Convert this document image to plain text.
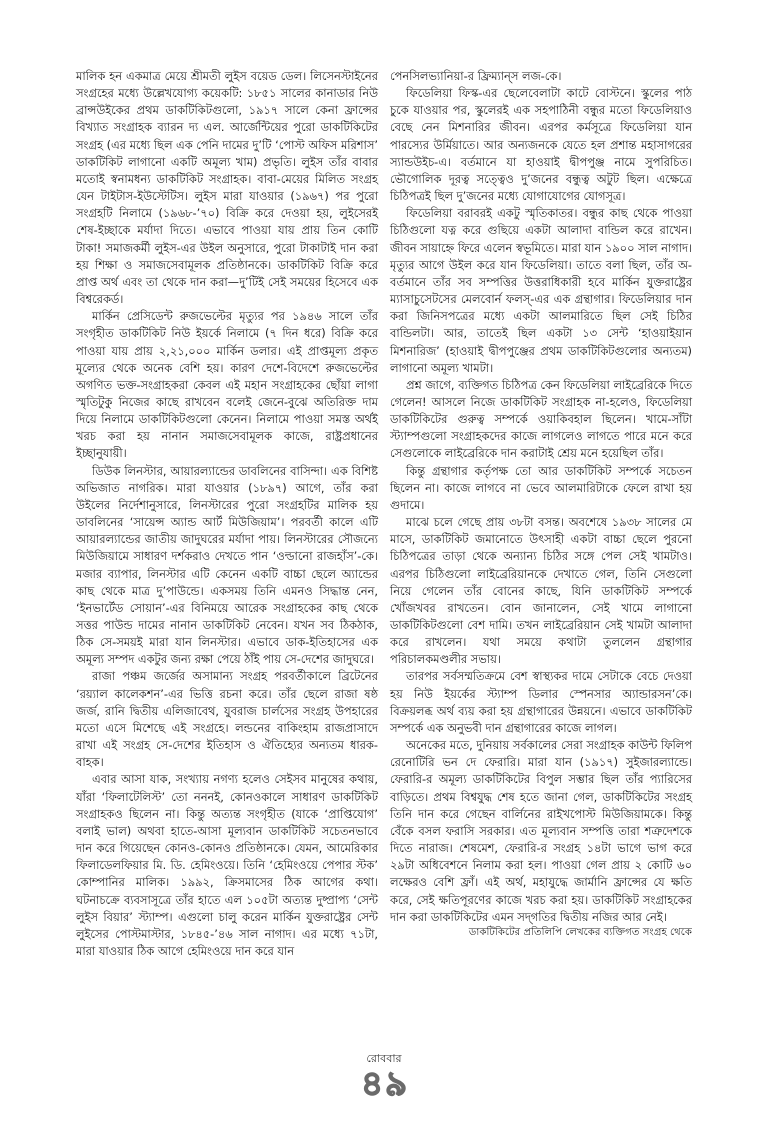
মালিক হন একমাত্র মেয়ে শ্রীমতী লুইস বয়েড ডেল। লিসেনস্টাইনের সংগ্রহের মধ্যে উল্লেখযোগ্য কয়েকটি: ১৮৫১ সালের কানাডার নিউ ব্রান্সউইকের প্রথম ডাকটিকিটগুলো, ১৯১৭ সালে কেনা ফ্রান্সের বিখ্যাত সংগ্রাহক ব্যারন দ্য এল. আর্জেন্টিয়ের পুরো ডাকটিকিটের সংগ্রহ (এর মধ্যে ছিল এক পেনি দামের দু’টি ‘পোস্ট অফিস মরিশাস’ ডাকটিকিট লাগানো একটি অমূল্য খাম) প্রভৃতি। লুইস তাঁর বাবার মতোই স্বনামধন্য ডাকটিকিট সংগ্রাহক। বাবা-মেয়ের মিলিত সংগ্রহ যেন টাইটাস-ইউস্টেটিস। লুইস মারা যাওয়ার (১৯৬৭) পর পুরো সংগ্রহটি নিলামে (১৯৬৮-’৭০) বিক্রি করে দেওয়া হয়, লুইসেরই শেষ-ইচ্ছাকে মর্যাদা দিতে। এভাবে পাওয়া যায় প্রায় তিন কোটি টাকা! সমাজকর্মী লুইস-এর উইল অনুসারে, পুরো টাকাটাই দান করা হয় শিক্ষা ও সমাজসেবামূলক প্রতিষ্ঠানকে। ডাকটিকিট বিক্রি করে প্রাপ্ত অর্থ এবং তা থেকে দান করা—দু’টিই সেই সময়ের হিসেবে এক বিশ্বরেকর্ড।

মার্কিন প্রেসিডেন্ট রুজভেল্টের মৃত্যুর পর ১৯৪৬ সালে তাঁর সংগৃহীত ডাকটিকিট নিউ ইয়র্কে নিলামে (৭ দিন ধরে) বিক্রি করে পাওয়া যায় প্রায় ২,২১,০০০ মার্কিন ডলার। এই প্রাপ্তমূল্য প্রকৃত মূল্যের থেকে অনেক বেশি হয়। কারণ দেশে-বিদেশে রুজভেল্টের অগণিত ভক্ত-সংগ্রাহকরা কেবল এই মহান সংগ্রাহকের ছোঁয়া লাগা স্মৃতিটুকু নিজের কাছে রাখবেন বলেই জেনে-বুঝে অতিরিক্ত দাম দিয়ে নিলামে ডাকটিকিটগুলো কেনেন। নিলামে পাওয়া সমস্ত অর্থই খরচ করা হয় নানান সমাজসেবামূলক কাজে, রাষ্ট্রপ্রধানের ইচ্ছানুযায়ী।

ডিউক লিনস্টার, আয়ারল্যান্ডের ডাবলিনের বাসিন্দা। এক বিশিষ্ট অভিজাত নাগরিক। মারা যাওয়ার (১৮৯৭) আগে, তাঁর করা উইলের নির্দেশানুসারে, লিনস্টারের পুরো সংগ্রহটির মালিক হয় ডাবলিনের ‘সায়েন্স অ্যান্ড আর্ট মিউজিয়াম’। পরবর্তী কালে এটি আয়ারল্যান্ডের জাতীয় জাদুঘরের মর্যাদা পায়। লিনস্টারের সৌজন্যে মিউজিয়ামে সাধারণ দর্শকরাও দেখতে পান ‘ওল্ডানো রাজহাঁস’-কে। মজার ব্যাপার, লিনস্টার এটি কেনেন একটি বাচ্চা ছেলে অ্যান্ডের কাছ থেকে মাত্র দু’পাউন্ডে। একসময় তিনি এমনও সিদ্ধান্ত নেন, ‘ইনভার্টেড সোয়ান’-এর বিনিময়ে আরেক সংগ্রাহকের কাছ থেকে সত্তর পাউন্ড দামের নানান ডাকটিকিট নেবেন। যখন সব ঠিকঠাক, ঠিক সে-সময়ই মারা যান লিনস্টার। এভাবে ডাক-ইতিহাসের এক অমূল্য সম্পদ একটুর জন্য রক্ষা পেয়ে ঠাঁই পায় সে-দেশের জাদুঘরে।

রাজা পঞ্চম জর্জের অসামান্য সংগ্রহ পরবর্তীকালে ব্রিটেনের ‘রয়্যাল কালেকশন’-এর ভিত্তি রচনা করে। তাঁর ছেলে রাজা ষষ্ঠ জর্জ, রানি দ্বিতীয় এলিজাবেথ, যুবরাজ চার্লসের সংগ্রহ উপহারের মতো এসে মিশেছে এই সংগ্রহে। লন্ডনের বাকিংহাম রাজপ্রাসাদে রাখা এই সংগ্রহ সে-দেশের ইতিহাস ও ঐতিহ্যের অন্যতম ধারক-বাহক।

এবার আসা যাক, সংখ্যায় নগণ্য হলেও সেইসব মানুষের কথায়, যাঁরা ‘ফিলাটেলিস্ট’ তো নননই, কোনওকালে সাধারণ ডাকটিকিট সংগ্রাহকও ছিলেন না। কিন্তু অত্যন্ত সংগৃহীত (যাকে ‘প্রাপ্তিযোগ’ বলাই ভাল) অথবা হাতে-আসা মূল্যবান ডাকটিকিট সচেতনভাবে দান করে গিয়েছেন কোনও-কোনও প্রতিষ্ঠানকে। যেমন, আমেরিকার ফিলাডেলফিয়ার মি. ডি. হেমিংওয়ে। তিনি ‘হেমিংওয়ে পেপার স্টক’ কোম্পানির মালিক। ১৯৯২, ক্রিসমাসের ঠিক আগের কথা। ঘটনাচক্রে ব্যবসাসূত্রে তাঁর হাতে এল ১০৫টা অত্যন্ত দুষ্প্রাপ্য ‘সেন্ট লুইস বিয়ার’ স্ট্যাম্প। এগুলো চালু করেন মার্কিন যুক্তরাষ্ট্রের সেন্ট লুইসের পোস্টমাস্টার, ১৮৪৫-’৪৬ সাল নাগাদ। এর মধ্যে ৭১টা, মারা যাওয়ার ঠিক আগে হেমিংওয়ে দান করে যান

পেনসিলভ্যানিয়া-র ফ্রিম্যান্‌স লজ-কে।

ফিডেলিয়া ফিস্ক-এর ছেলেবেলাটা কাটে বোস্টনে। স্কুলের পাঠ চুকে যাওয়ার পর, স্কুলেরই এক সহপাঠিনী বন্ধুর মতো ফিডেলিয়াও বেছে নেন মিশনারির জীবন। এরপর কর্মসূত্রে ফিডেলিয়া যান পারস্যের উর্মিয়াতে। আর অন্যজনকে যেতে হল প্রশান্ত মহাসাগরের স্যান্ডউইচ-এ। বর্তমানে যা হাওয়াই দ্বীপপুঞ্জ নামে সুপরিচিত। ভৌগোলিক দূরত্ব সত্ত্বেও দু’জনের বন্ধুত্ব অটুট ছিল। এক্ষেত্রে চিঠিপত্রই ছিল দু’জনের মধ্যে যোগাযোগের যোগসূত্র।

ফিডেলিয়া বরাবরই একটু স্মৃতিকাতর। বন্ধুর কাছ থেকে পাওয়া চিঠিগুলো যত্ন করে গুছিয়ে একটা আলাদা বান্ডিল করে রাখেন। জীবন সায়াহ্নে ফিরে এলেন স্বভূমিতে। মারা যান ১৯০০ সাল নাগাদ। মৃত্যুর আগে উইল করে যান ফিডেলিয়া। তাতে বলা ছিল, তাঁর অ-বর্তমানে তাঁর সব সম্পত্তির উত্তরাধিকারী হবে মার্কিন যুক্তরাষ্ট্রের ম্যাসাচুসেটসের মেলবোর্ন ফলস্-এর এক গ্রন্থাগার। ফিডেলিয়ার দান করা জিনিসপত্রের মধ্যে একটা আলমারিতে ছিল সেই চিঠির বান্ডিলটা। আর, তাতেই ছিল একটা ১৩ সেন্ট ‘হাওয়াইয়ান মিশনারিজ’ (হাওয়াই দ্বীপপুঞ্জের প্রথম ডাকটিকিটগুলোর অন্যতম) লাগানো অমূল্য খামটা।

প্রশ্ন জাগে, ব্যক্তিগত চিঠিপত্র কেন ফিডেলিয়া লাইব্রেরিকে দিতে গেলেন! আসলে নিজে ডাকটিকিট সংগ্রাহক না-হলেও, ফিডেলিয়া ডাকটিকিটের গুরুত্ব সম্পর্কে ওয়াকিবহাল ছিলেন। খামে-সাঁটা স্ট্যাম্পগুলো সংগ্রাহকদের কাজে লাগলেও লাগতে পারে মনে করে সেগুলোকে লাইব্রেরিকে দান করাটাই শ্রেয় মনে হয়েছিল তাঁর।

কিন্তু গ্রন্থাগার কর্তৃপক্ষ তো আর ডাকটিকিট সম্পর্কে সচেতন ছিলেন না। কাজে লাগবে না ভেবে আলমারিটাকে ফেলে রাখা হয় গুদামে।

মাঝে চলে গেছে প্রায় ৩৮টা বসন্ত। অবশেষে ১৯৩৮ সালের মে মাসে, ডাকটিকিট জমানোতে উৎসাহী একটা বাচ্চা ছেলে পুরনো চিঠিপত্রের তাড়া থেকে অন্যান্য চিঠির সঙ্গে পেল সেই খামটাও। এরপর চিঠিগুলো লাইব্রেরিয়ানকে দেখাতে গেল, তিনি সেগুলো নিয়ে গেলেন তাঁর বোনের কাছে, যিনি ডাকটিকিট সম্পর্কে খোঁজখবর রাখতেন। বোন জানালেন, সেই খামে লাগানো ডাকটিকিটগুলো বেশ দামি। তখন লাইব্রেরিয়ান সেই খামটা আলাদা করে রাখলেন। যথা সময়ে কথাটা তুললেন গ্রন্থাগার পরিচালকমণ্ডলীর সভায়।

তারপর সর্বসম্মতিক্রমে বেশ স্বাস্থ্যকর দামে সেটাকে বেচে দেওয়া হয় নিউ ইয়র্কের স্ট্যাম্প ডিলার স্পেনসার অ্যান্ডারসন’কে। বিক্রয়লব্ধ অর্থ ব্যয় করা হয় গ্রন্থাগারের উন্নয়নে। এভাবে ডাকটিকিট সম্পর্কে এক অনুভবী দান গ্রন্থাগারের কাজে লাগল।

অনেকের মতে, দুনিয়ায় সর্বকালের সেরা সংগ্রাহক কাউন্ট ফিলিপ রেনোটিরি ভন দে ফেরারি। মারা যান (১৯১৭) সুইজারল্যান্ডে। ফেরারি-র অমূল্য ডাকটিকিটের বিপুল সম্ভার ছিল তাঁর প্যারিসের বাড়িতে। প্রথম বিশ্বযুদ্ধ শেষ হতে জানা গেল, ডাকটিকিটের সংগ্রহ তিনি দান করে গেছেন বার্লিনের রাইখপোস্ট মিউজিয়ামকে। কিন্তু বেঁকে বসল ফরাসি সরকার। এত মূল্যবান সম্পত্তি তারা শত্রুদেশকে দিতে নারাজ। শেষমেশ, ফেরারি-র সংগ্রহ ১৪টা ভাগে ভাগ করে ২৯টা অধিবেশনে নিলাম করা হল। পাওয়া গেল প্রায় ২ কোটি ৬০ লক্ষেরও বেশি ফ্রাঁ। এই অর্থ, মহাযুদ্ধে জার্মানি ফ্রান্সের যে ক্ষতি করে, সেই ক্ষতিপূরণের কাজে খরচ করা হয়। ডাকটিকিট সংগ্রাহকের দান করা ডাকটিকিটের এমন সদ্‌গতির দ্বিতীয় নজির আর নেই।

ডাকটিকিটের প্রতিলিপি লেখকের ব্যক্তিগত সংগ্রহ থেকে

রোববার
৪৯
